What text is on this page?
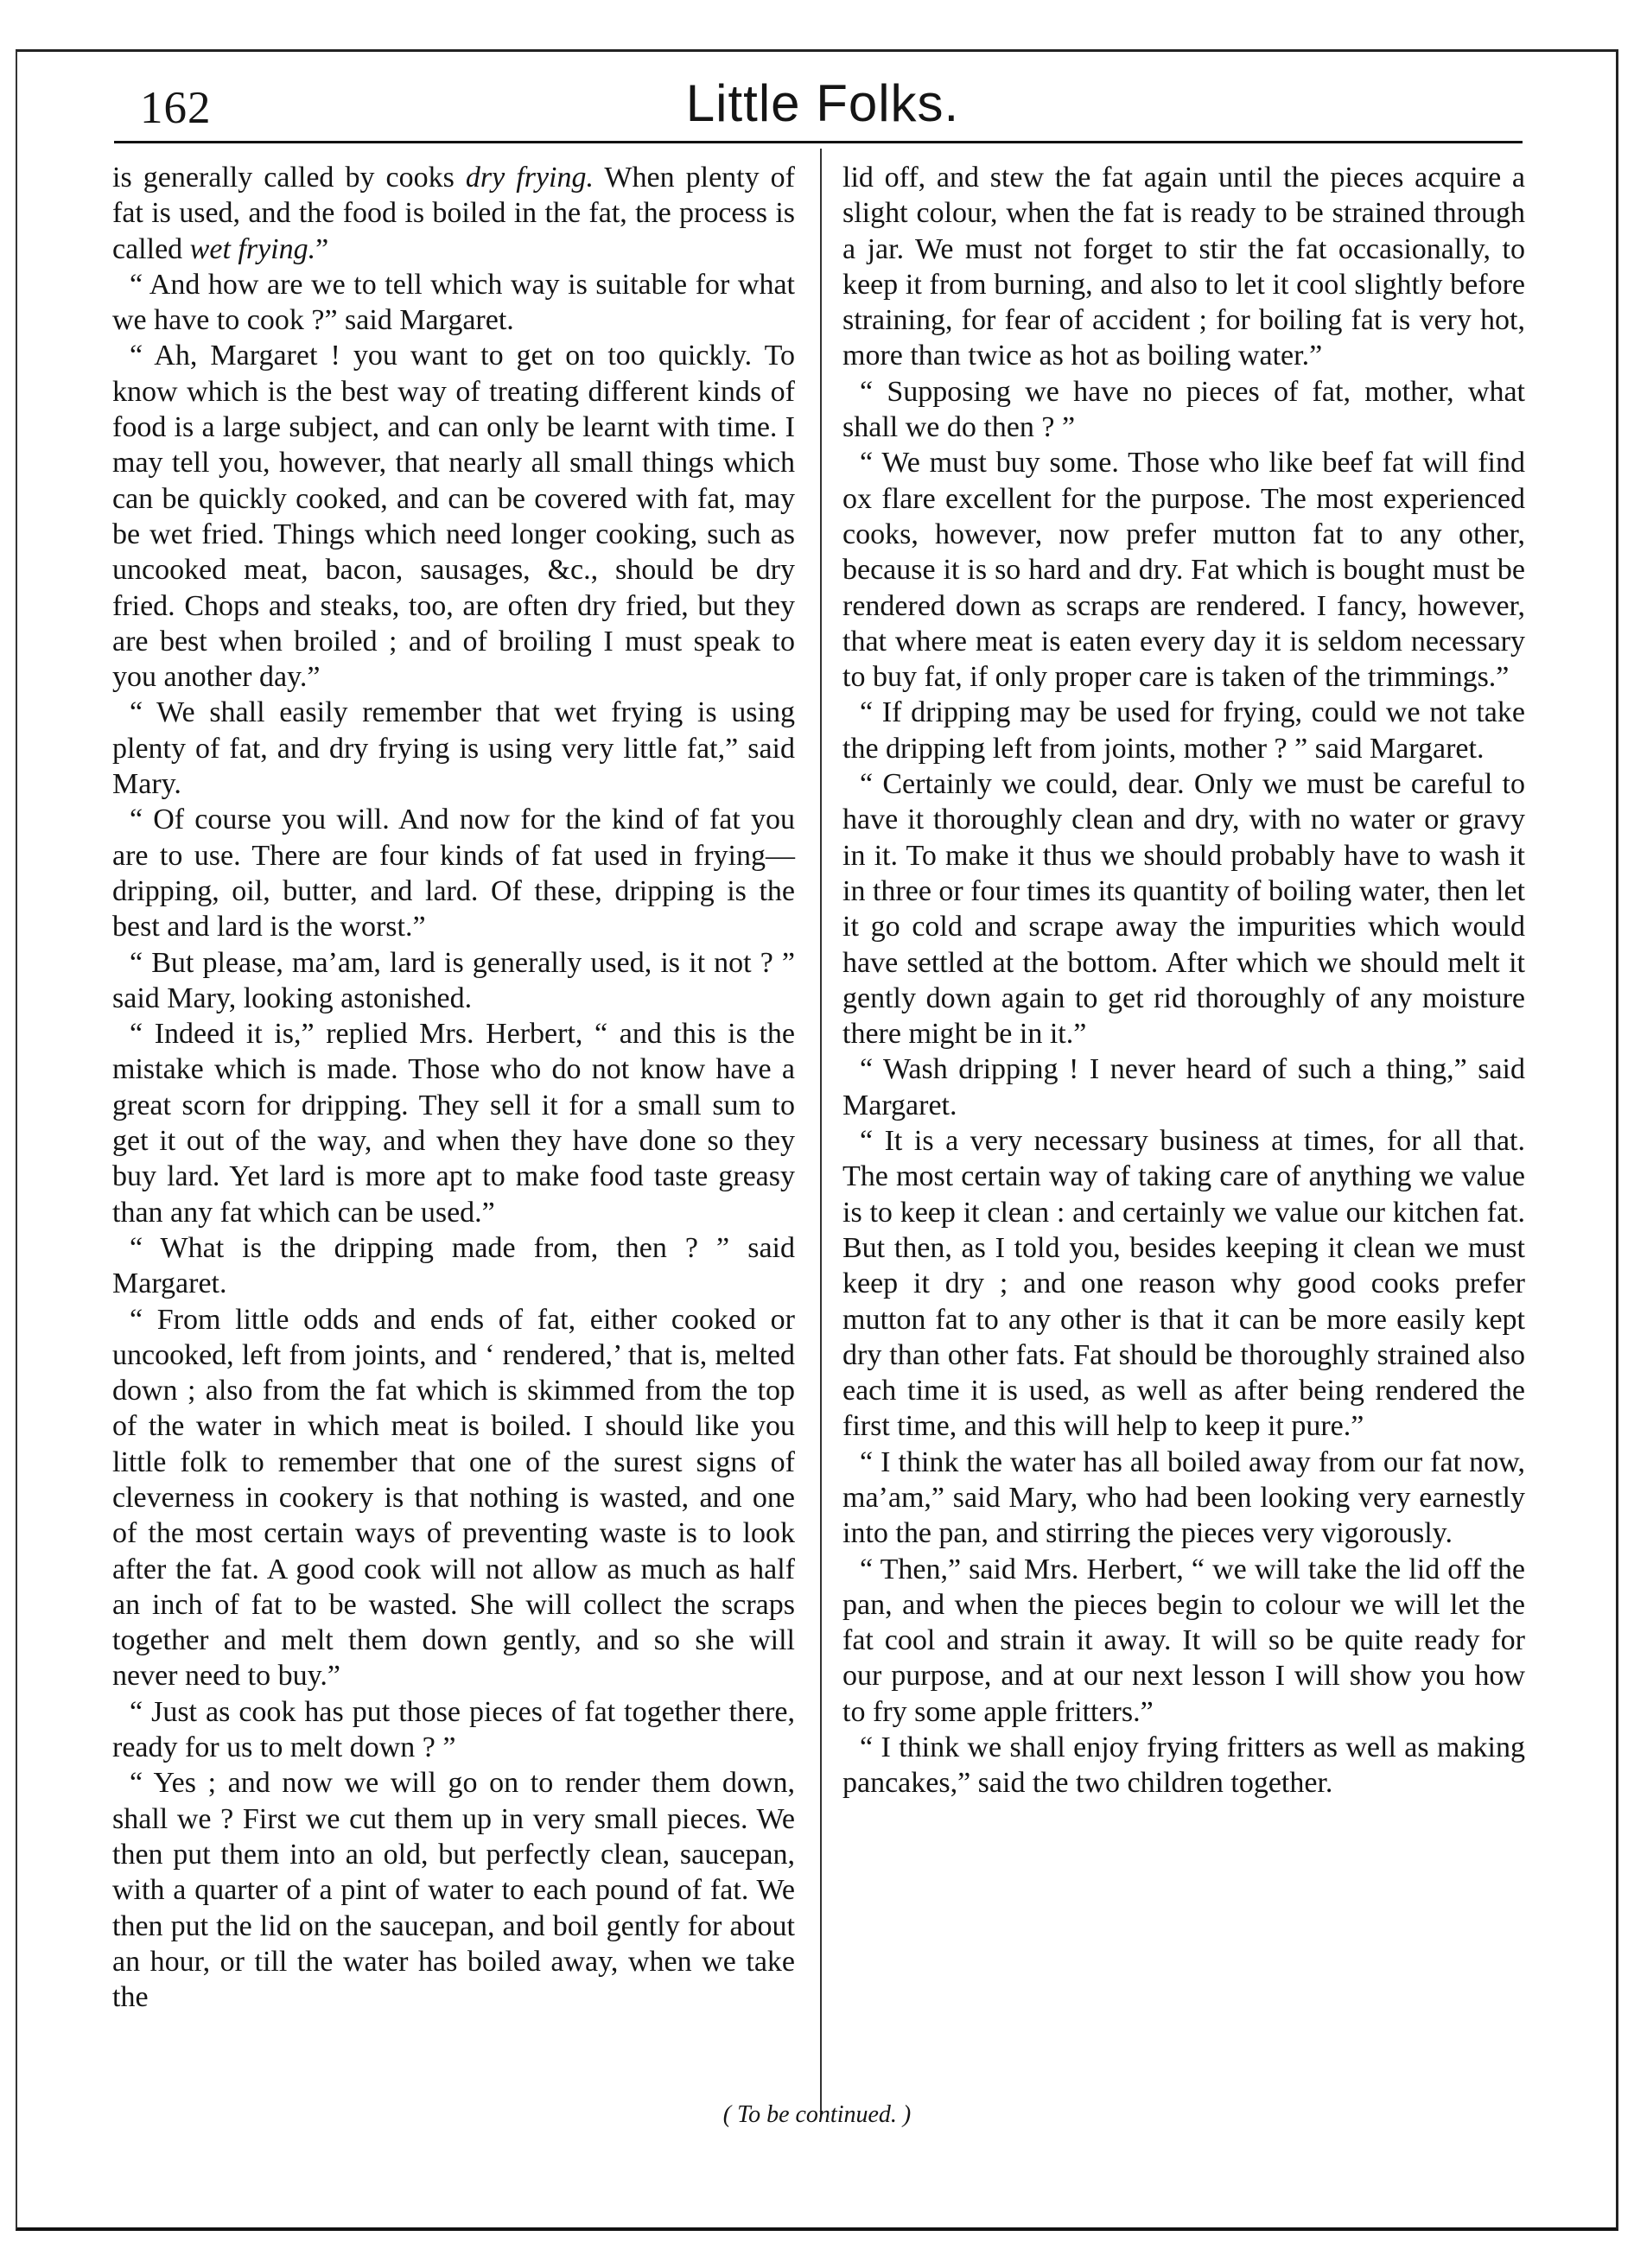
162	Little Folks.

is generally called by cooks dry frying. When plenty of fat is used, and the food is boiled in the fat, the process is called wet frying.”

“ And how are we to tell which way is suitable for what we have to cook ?” said Margaret.

“ Ah, Margaret ! you want to get on too quickly. To know which is the best way of treating different kinds of food is a large subject, and can only be learnt with time. I may tell you, however, that nearly all small things which can be quickly cooked, and can be covered with fat, may be wet fried. Things which need longer cooking, such as uncooked meat, bacon, sausages, &c., should be dry fried. Chops and steaks, too, are often dry fried, but they are best when broiled ; and of broiling I must speak to you another day.”

“ We shall easily remember that wet frying is using plenty of fat, and dry frying is using very little fat,” said Mary.

“ Of course you will. And now for the kind of fat you are to use. There are four kinds of fat used in frying—dripping, oil, butter, and lard. Of these, dripping is the best and lard is the worst.”

“ But please, ma’am, lard is generally used, is it not ? ” said Mary, looking astonished.

“ Indeed it is,” replied Mrs. Herbert, “ and this is the mistake which is made. Those who do not know have a great scorn for dripping. They sell it for a small sum to get it out of the way, and when they have done so they buy lard. Yet lard is more apt to make food taste greasy than any fat which can be used.”

“ What is the dripping made from, then ? ” said Margaret.

“ From little odds and ends of fat, either cooked or uncooked, left from joints, and ‘ rendered,’ that is, melted down ; also from the fat which is skimmed from the top of the water in which meat is boiled. I should like you little folk to remember that one of the surest signs of cleverness in cookery is that nothing is wasted, and one of the most certain ways of preventing waste is to look after the fat. A good cook will not allow as much as half an inch of fat to be wasted. She will collect the scraps together and melt them down gently, and so she will never need to buy.”

“ Just as cook has put those pieces of fat together there, ready for us to melt down ? ”

“ Yes ; and now we will go on to render them down, shall we ? First we cut them up in very small pieces. We then put them into an old, but perfectly clean, saucepan, with a quarter of a pint of water to each pound of fat. We then put the lid on the saucepan, and boil gently for about an hour, or till the water has boiled away, when we take the

lid off, and stew the fat again until the pieces acquire a slight colour, when the fat is ready to be strained through a jar. We must not forget to stir the fat occasionally, to keep it from burning, and also to let it cool slightly before straining, for fear of accident ; for boiling fat is very hot, more than twice as hot as boiling water.”

“ Supposing we have no pieces of fat, mother, what shall we do then ? ”

“ We must buy some. Those who like beef fat will find ox flare excellent for the purpose. The most experienced cooks, however, now prefer mutton fat to any other, because it is so hard and dry. Fat which is bought must be rendered down as scraps are rendered. I fancy, however, that where meat is eaten every day it is seldom necessary to buy fat, if only proper care is taken of the trimmings.”

“ If dripping may be used for frying, could we not take the dripping left from joints, mother ? ” said Margaret.

“ Certainly we could, dear. Only we must be careful to have it thoroughly clean and dry, with no water or gravy in it. To make it thus we should probably have to wash it in three or four times its quantity of boiling water, then let it go cold and scrape away the impurities which would have settled at the bottom. After which we should melt it gently down again to get rid thoroughly of any moisture there might be in it.”

“ Wash dripping ! I never heard of such a thing,” said Margaret.

“ It is a very necessary business at times, for all that. The most certain way of taking care of anything we value is to keep it clean : and certainly we value our kitchen fat. But then, as I told you, besides keeping it clean we must keep it dry ; and one reason why good cooks prefer mutton fat to any other is that it can be more easily kept dry than other fats. Fat should be thoroughly strained also each time it is used, as well as after being rendered the first time, and this will help to keep it pure.”

“ I think the water has all boiled away from our fat now, ma’am,” said Mary, who had been looking very earnestly into the pan, and stirring the pieces very vigorously.

“ Then,” said Mrs. Herbert, “ we will take the lid off the pan, and when the pieces begin to colour we will let the fat cool and strain it away. It will so be quite ready for our purpose, and at our next lesson I will show you how to fry some apple fritters.”

“ I think we shall enjoy frying fritters as well as making pancakes,” said the two children together.

( To be continued. )
